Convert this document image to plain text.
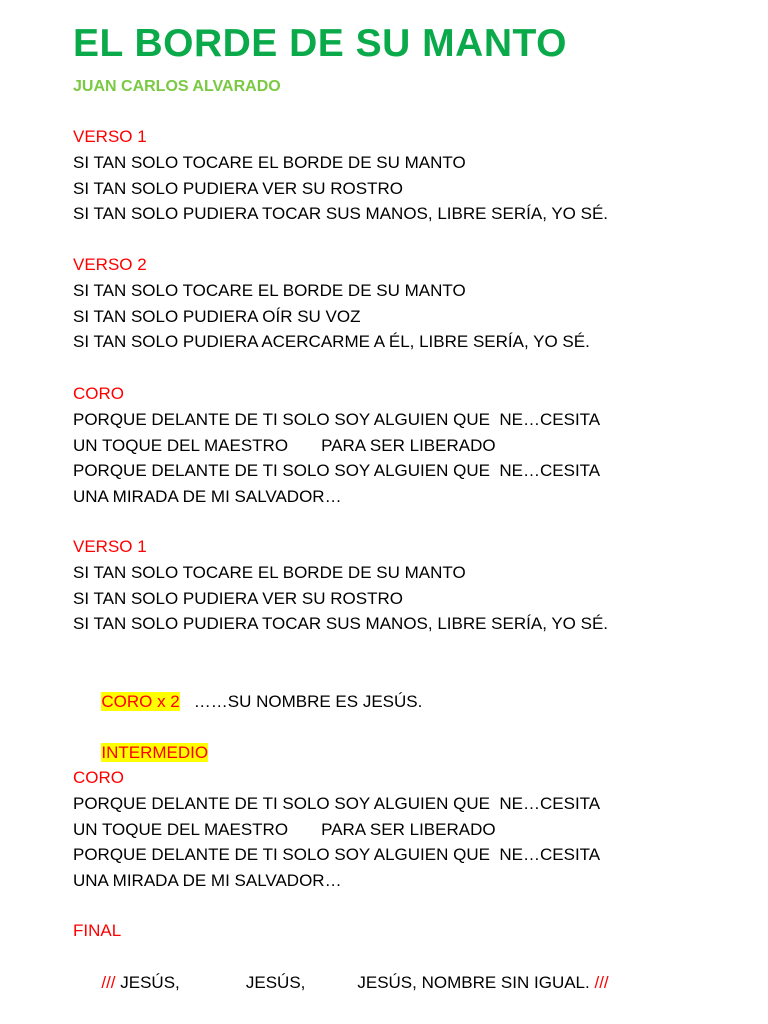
EL BORDE DE SU MANTO
JUAN CARLOS ALVARADO
VERSO 1
SI TAN SOLO TOCARE EL BORDE DE SU MANTO
SI TAN SOLO PUDIERA VER SU ROSTRO
SI TAN SOLO PUDIERA TOCAR SUS MANOS, LIBRE SERÍA, YO SÉ.
VERSO 2
SI TAN SOLO TOCARE EL BORDE DE SU MANTO
SI TAN SOLO PUDIERA OÍR SU VOZ
SI TAN SOLO PUDIERA ACERCARME A ÉL, LIBRE SERÍA, YO SÉ.
CORO
PORQUE DELANTE DE TI SOLO SOY ALGUIEN QUE  NE…CESITA
UN TOQUE DEL MAESTRO       PARA SER LIBERADO
PORQUE DELANTE DE TI SOLO SOY ALGUIEN QUE  NE…CESITA
UNA MIRADA DE MI SALVADOR…
VERSO 1
SI TAN SOLO TOCARE EL BORDE DE SU MANTO
SI TAN SOLO PUDIERA VER SU ROSTRO
SI TAN SOLO PUDIERA TOCAR SUS MANOS, LIBRE SERÍA, YO SÉ.

CORO x 2 ……SU NOMBRE ES JESÚS.

INTERMEDIO

CORO
PORQUE DELANTE DE TI SOLO SOY ALGUIEN QUE  NE…CESITA
UN TOQUE DEL MAESTRO       PARA SER LIBERADO
PORQUE DELANTE DE TI SOLO SOY ALGUIEN QUE  NE…CESITA
UNA MIRADA DE MI SALVADOR…
FINAL

/// JESÚS,              JESÚS,           JESÚS, NOMBRE SIN IGUAL. ///
